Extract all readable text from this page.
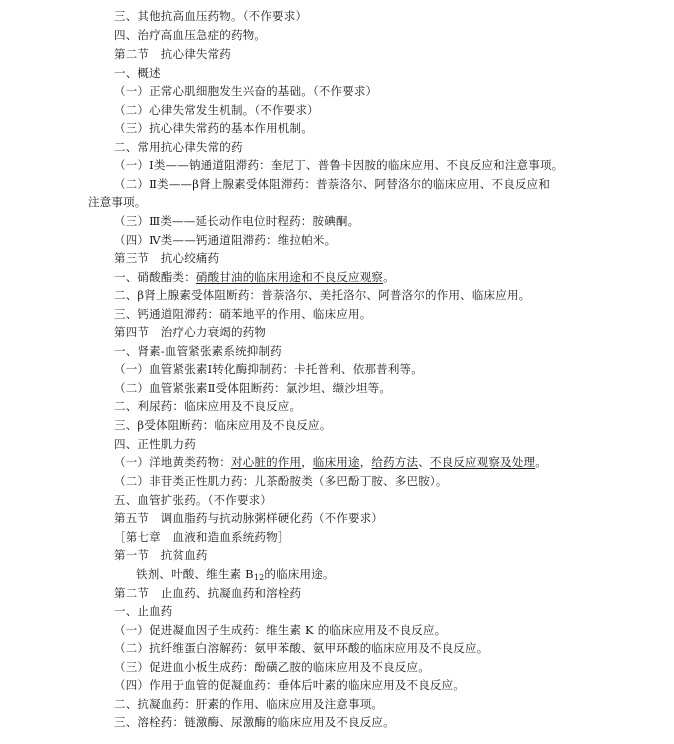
三、其他抗高血压药物。（不作要求）
四、治疗高血压急症的药物。
第二节　抗心律失常药
一、概述
（一）正常心肌细胞发生兴奋的基础。（不作要求）
（二）心律失常发生机制。（不作要求）
（三）抗心律失常药的基本作用机制。
二、常用抗心律失常的药
（一）Ⅰ类——钠通道阻滞药：奎尼丁、普鲁卡因胺的临床应用、不良反应和注意事项。
（二）Ⅱ类——β肾上腺素受体阻滞药：普萘洛尔、阿替洛尔的临床应用、不良反应和
注意事项。
（三）Ⅲ类——延长动作电位时程药：胺碘酮。
（四）Ⅳ类——钙通道阻滞药：维拉帕米。
第三节　抗心绞痛药
一、硝酸酯类：硝酸甘油的临床用途和不良反应观察。
二、β肾上腺素受体阻断药：普萘洛尔、美托洛尔、阿普洛尔的作用、临床应用。
三、钙通道阻滞药：硝苯地平的作用、临床应用。
第四节　治疗心力衰竭的药物
一、肾素-血管紧张素系统抑制药
（一）血管紧张素Ⅰ转化酶抑制药：卡托普利、依那普利等。
（二）血管紧张素Ⅱ受体阻断药：氯沙坦、缬沙坦等。
二、利尿药：临床应用及不良反应。
三、β受体阻断药：临床应用及不良反应。
四、正性肌力药
（一）洋地黄类药物：对心脏的作用，临床用途，给药方法、不良反应观察及处理。
（二）非苷类正性肌力药：儿茶酚胺类（多巴酚丁胺、多巴胺）。
五、血管扩张药。（不作要求）
第五节　调血脂药与抗动脉粥样硬化药（不作要求）
［第七章　血液和造血系统药物］
第一节　抗贫血药
铁剂、叶酸、维生素 $B_{12}$的临床用途。
第二节　止血药、抗凝血药和溶栓药
一、止血药
（一）促进凝血因子生成药：维生素 K 的临床应用及不良反应。
（二）抗纤维蛋白溶解药：氨甲苯酸、氨甲环酸的临床应用及不良反应。
（三）促进血小板生成药：酚磺乙胺的临床应用及不良反应。
（四）作用于血管的促凝血药：垂体后叶素的临床应用及不良反应。
二、抗凝血药：肝素的作用、临床应用及注意事项。
三、溶栓药：链激酶、尿激酶的临床应用及不良反应。
